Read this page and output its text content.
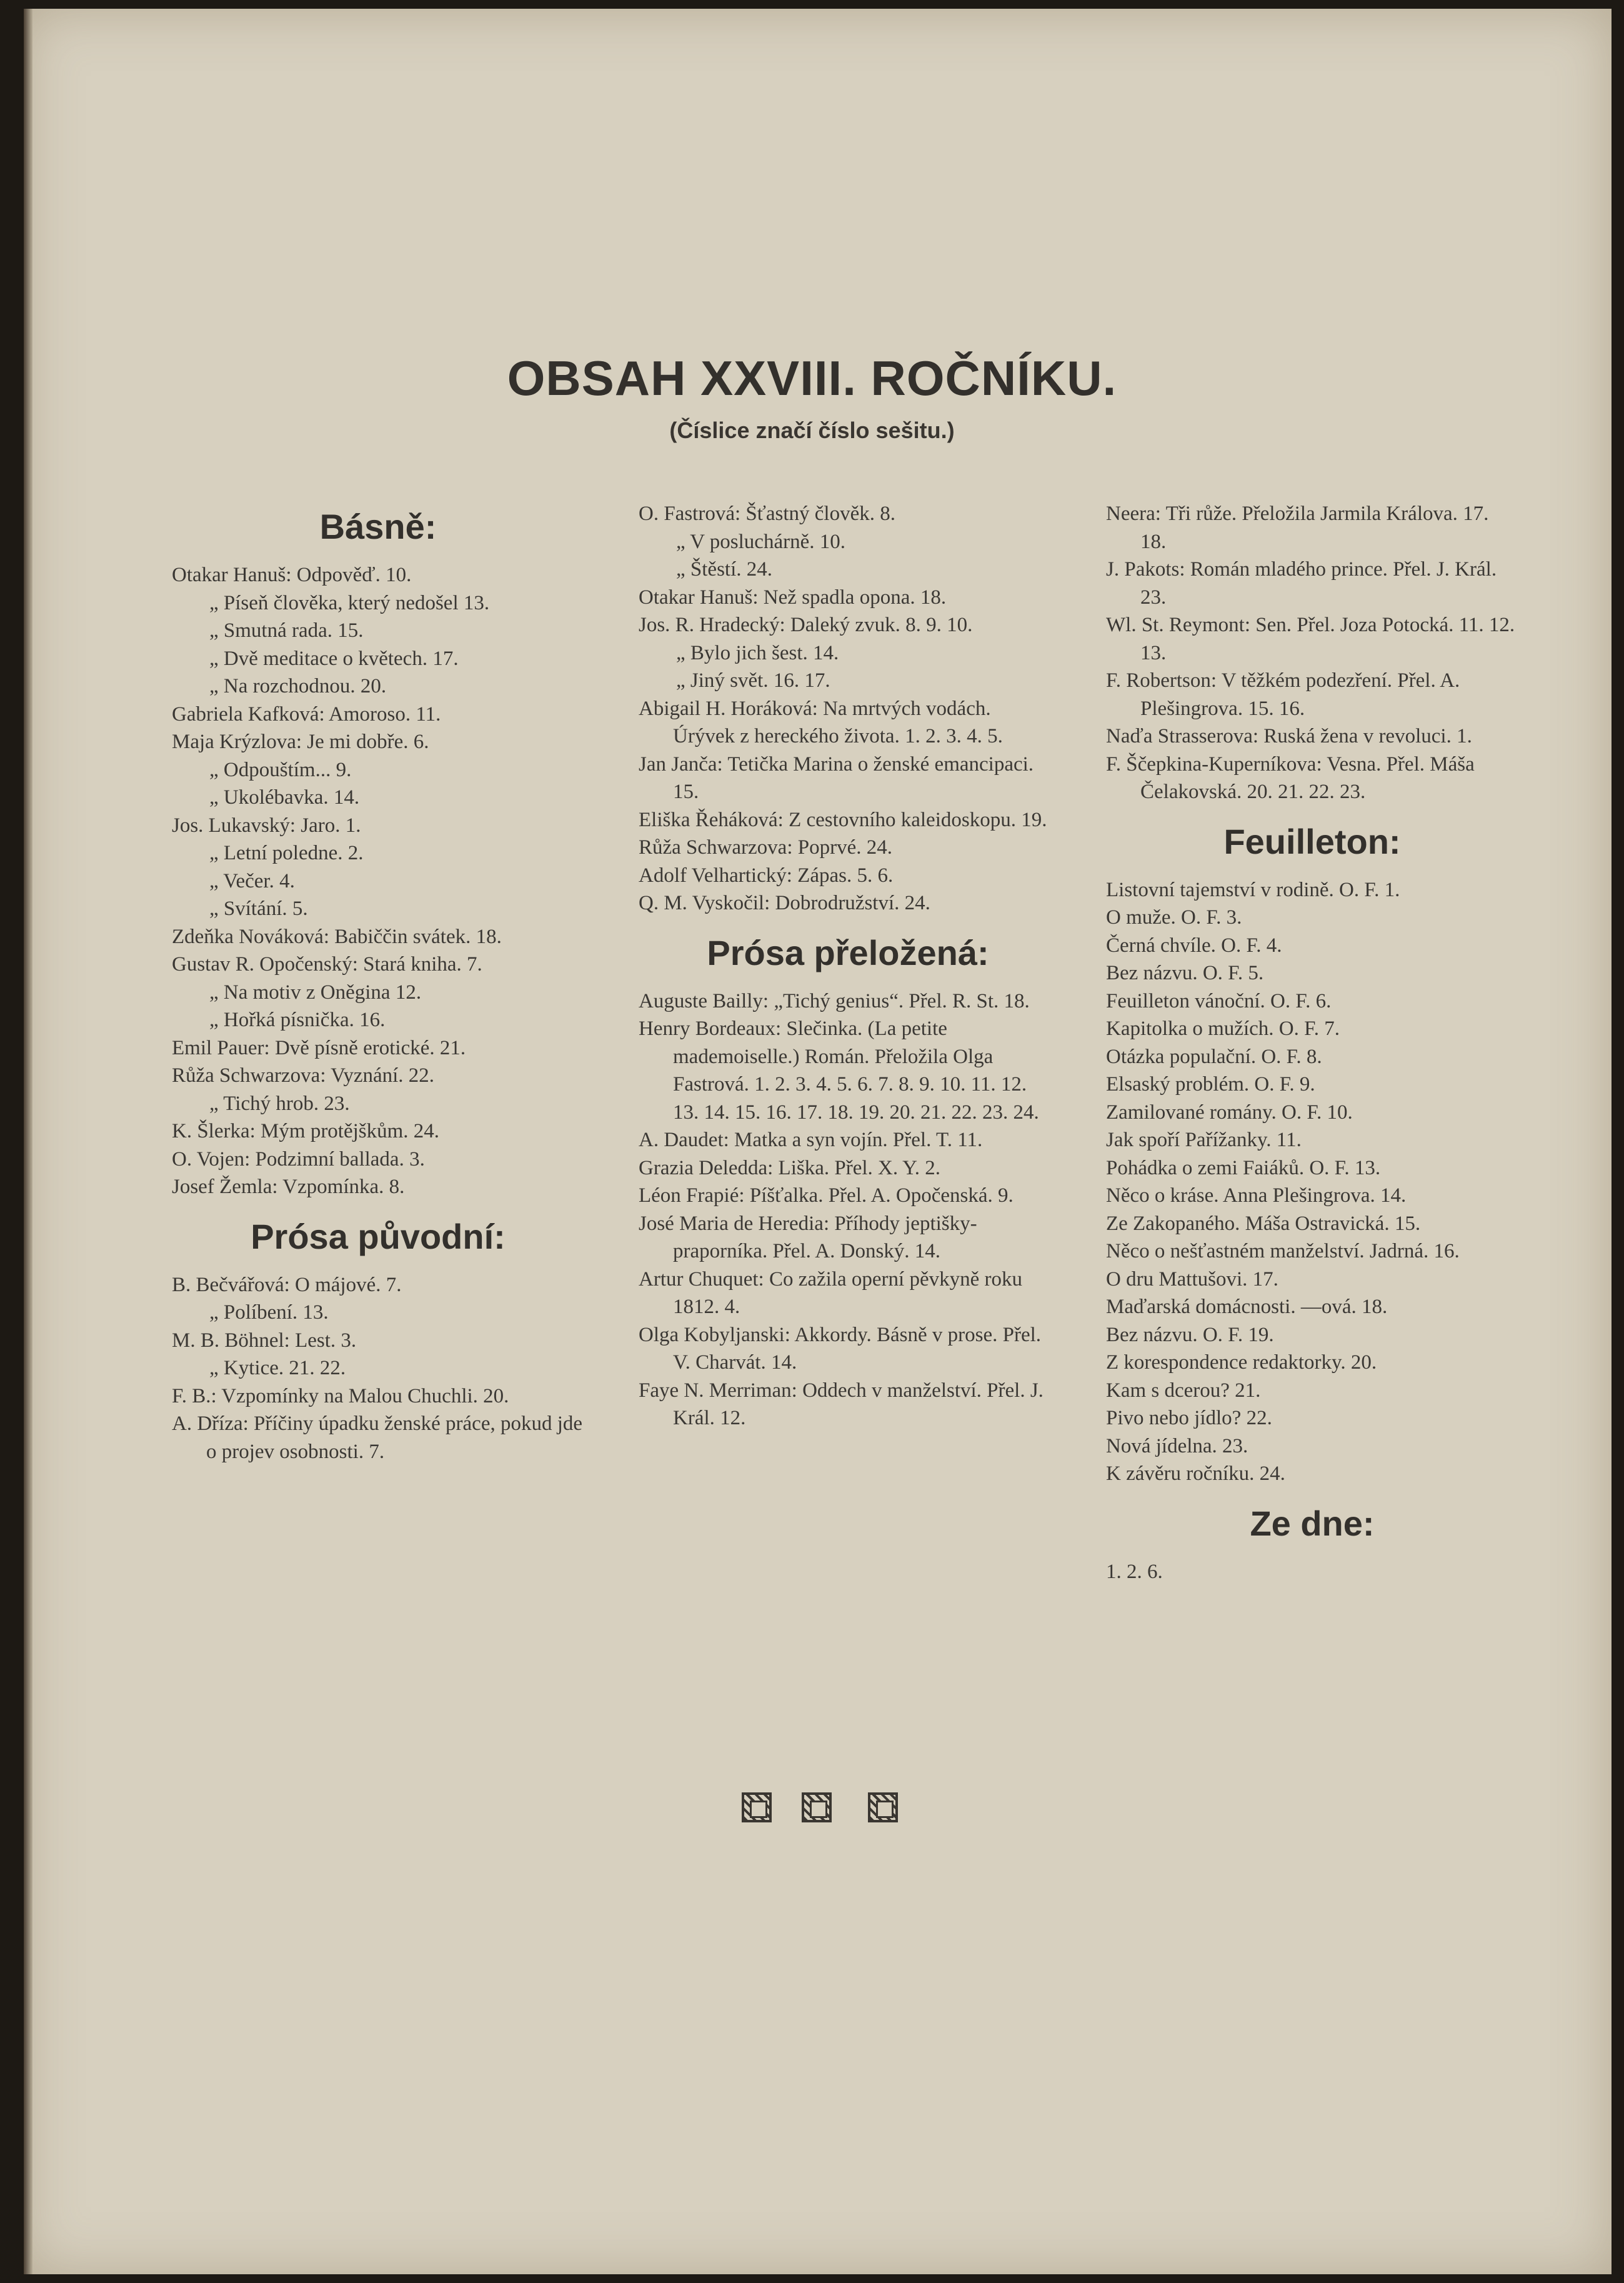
OBSAH XXVIII. ROČNÍKU.
(Číslice značí číslo sešitu.)
Básně:
Otakar Hanuš: Odpověď. 10.
„ Píseň člověka, který nedošel 13.
„ Smutná rada. 15.
„ Dvě meditace o květech. 17.
„ Na rozchodnou. 20.
Gabriela Kafková: Amoroso. 11.
Maja Krýzlova: Je mi dobře. 6.
„ Odpouštím... 9.
„ Ukolébavka. 14.
Jos. Lukavský: Jaro. 1.
„ Letní poledne. 2.
„ Večer. 4.
„ Svítání. 5.
Zdeňka Nováková: Babiččin svátek. 18.
Gustav R. Opočenský: Stará kniha. 7.
„ Na motiv z Oněgina 12.
„ Hořká písnička. 16.
Emil Pauer: Dvě písně erotické. 21.
Růža Schwarzova: Vyznání. 22.
„ Tichý hrob. 23.
K. Šlerka: Mým protějškům. 24.
O. Vojen: Podzimní ballada. 3.
Josef Žemla: Vzpomínka. 8.
Prósa původní:
B. Bečvářová: O májové. 7.
„ Políbení. 13.
M. B. Böhnel: Lest. 3.
„ Kytice. 21. 22.
F. B.: Vzpomínky na Malou Chuchli. 20.
A. Dříza: Příčiny úpadku ženské práce, pokud jde o projev osobnosti. 7.
O. Fastrová: Šťastný člověk. 8.
„ V posluchárně. 10.
„ Štěstí. 24.
Otakar Hanuš: Než spadla opona. 18.
Jos. R. Hradecký: Daleký zvuk. 8. 9. 10.
„ Bylo jich šest. 14.
„ Jiný svět. 16. 17.
Abigail H. Horáková: Na mrtvých vodách. Úrývek z hereckého života. 1. 2. 3. 4. 5.
Jan Janča: Tetička Marina o ženské emancipaci. 15.
Eliška Řeháková: Z cestovního kaleidoskopu. 19.
Růža Schwarzova: Poprvé. 24.
Adolf Velhartický: Zápas. 5. 6.
Q. M. Vyskočil: Dobrodružství. 24.
Prósa přeložená:
Auguste Bailly: „Tichý genius“. Přel. R. St. 18.
Henry Bordeaux: Slečinka. (La petite mademoiselle.) Román. Přeložila Olga Fastrová. 1. 2. 3. 4. 5. 6. 7. 8. 9. 10. 11. 12. 13. 14. 15. 16. 17. 18. 19. 20. 21. 22. 23. 24.
A. Daudet: Matka a syn vojín. Přel. T. 11.
Grazia Deledda: Liška. Přel. X. Y. 2.
Léon Frapié: Píšťalka. Přel. A. Opočenská. 9.
José Maria de Heredia: Příhody jeptišky-praporníka. Přel. A. Donský. 14.
Artur Chuquet: Co zažila operní pěvkyně roku 1812. 4.
Olga Kobyljanski: Akkordy. Básně v prose. Přel. V. Charvát. 14.
Faye N. Merriman: Oddech v manželství. Přel. J. Král. 12.
Neera: Tři růže. Přeložila Jarmila Králova. 17. 18.
J. Pakots: Román mladého prince. Přel. J. Král. 23.
Wl. St. Reymont: Sen. Přel. Joza Potocká. 11. 12. 13.
F. Robertson: V těžkém podezření. Přel. A. Plešingrova. 15. 16.
Naďa Strasserova: Ruská žena v revoluci. 1.
F. Ščepkina-Kuperníkova: Vesna. Přel. Máša Čelakovská. 20. 21. 22. 23.
Feuilleton:
Listovní tajemství v rodině. O. F. 1.
O muže. O. F. 3.
Černá chvíle. O. F. 4.
Bez názvu. O. F. 5.
Feuilleton vánoční. O. F. 6.
Kapitolka o mužích. O. F. 7.
Otázka populační. O. F. 8.
Elsaský problém. O. F. 9.
Zamilované romány. O. F. 10.
Jak spoří Pařížanky. 11.
Pohádka o zemi Faiáků. O. F. 13.
Něco o kráse. Anna Plešingrova. 14.
Ze Zakopaného. Máša Ostravická. 15.
Něco o nešťastném manželství. Jadrná. 16.
O dru Mattušovi. 17.
Maďarská domácnosti. —ová. 18.
Bez názvu. O. F. 19.
Z korespondence redaktorky. 20.
Kam s dcerou? 21.
Pivo nebo jídlo? 22.
Nová jídelna. 23.
K závěru ročníku. 24.
Ze dne:
1. 2. 6.
